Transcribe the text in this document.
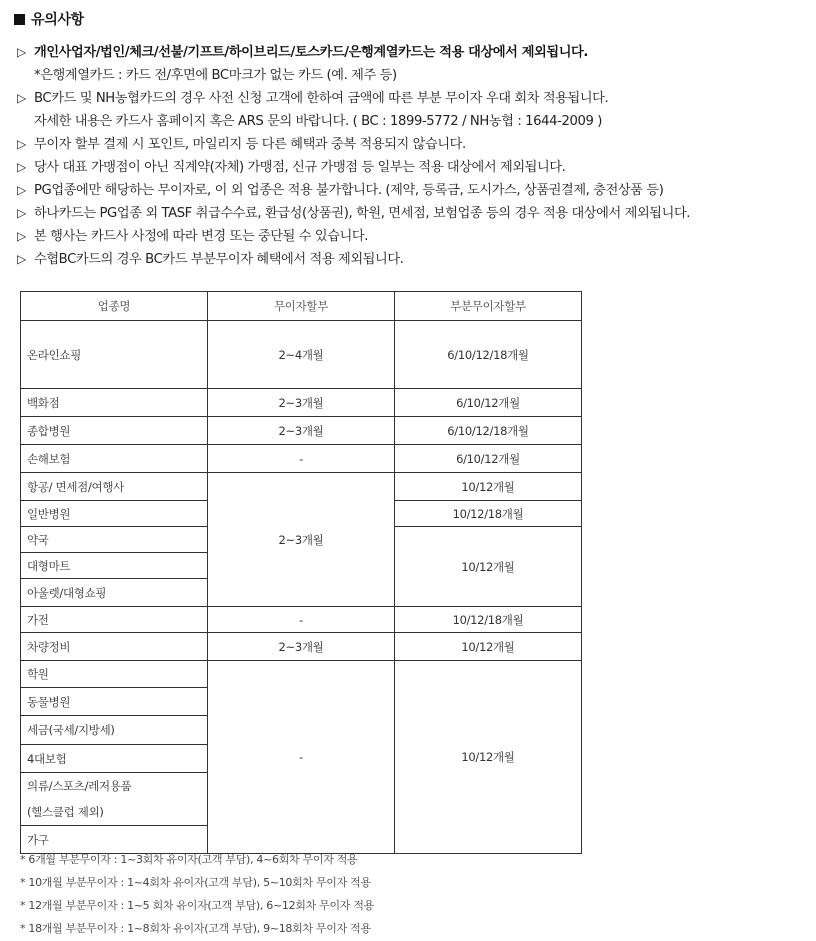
유의사항
▷ 개인사업자/법인/체크/선불/기프트/하이브리드/토스카드/은행계열카드는 적용 대상에서 제외됩니다.
*은행계열카드 : 카드 전/후면에 BC마크가 없는 카드 (예. 제주 등)
▷ BC카드 및 NH농협카드의 경우 사전 신청 고객에 한하여 금액에 따른 부분 무이자 우대 회차 적용됩니다.
자세한 내용은 카드사 홈페이지 혹은 ARS 문의 바랍니다. ( BC : 1899-5772 / NH농협 : 1644-2009 )
▷ 무이자 할부 결제 시 포인트, 마일리지 등 다른 혜택과 중복 적용되지 않습니다.
▷ 당사 대표 가맹점이 아닌 직계약(자체) 가맹점, 신규 가맹점 등 일부는 적용 대상에서 제외됩니다.
▷ PG업종에만 해당하는 무이자로, 이 외 업종은 적용 불가합니다. (제약, 등록금, 도시가스, 상품권결제, 충전상품 등)
▷ 하나카드는 PG업종 외 TASF 취급수수료, 환급성(상품권), 학원, 면세점, 보험업종 등의 경우 적용 대상에서 제외됩니다.
▷ 본 행사는 카드사 사정에 따라 변경 또는 중단될 수 있습니다.
▷ 수협BC카드의 경우 BC카드 부분무이자 혜택에서 적용 제외됩니다.
업종명	무이자할부	부분무이자할부
온라인쇼핑	2~4개월	6/10/12/18개월
백화점	2~3개월	6/10/12개월
종합병원	2~3개월	6/10/12/18개월
손해보험	-	6/10/12개월
항공/ 면세점/여행사	2~3개월	10/12개월
일반병원		10/12/18개월
약국		10/12개월
대형마트		
아울렛/대형쇼핑		
가전	-	10/12/18개월
차량정비	2~3개월	10/12개월
학원	-	10/12개월
동물병원		
세금(국세/지방세)		
4대보험		

의류/스포츠/레저용품
(헬스클럽 제외)		

가구		
* 6개월 부분무이자 : 1~3회차 유이자(고객 부담), 4~6회차 무이자 적용
* 10개월 부분무이자 : 1~4회차 유이자(고객 부담), 5~10회차 무이자 적용
* 12개월 부분무이자 : 1~5 회차 유이자(고객 부담), 6~12회차 무이자 적용
* 18개월 부분무이자 : 1~8회차 유이자(고객 부담), 9~18회차 무이자 적용
